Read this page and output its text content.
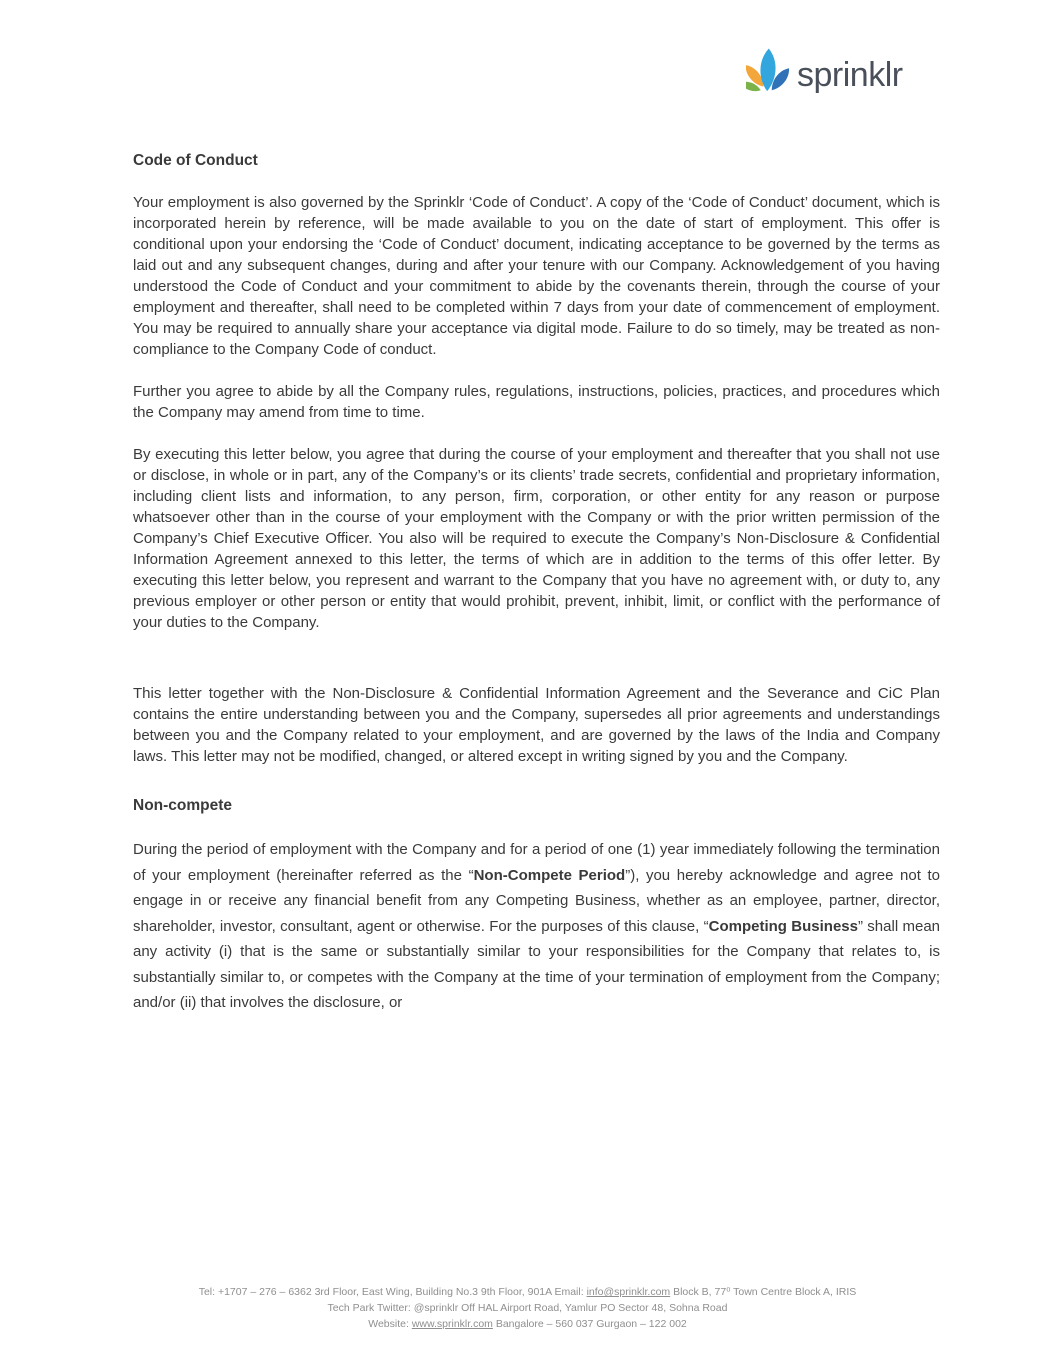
sprinklr
Code of Conduct

Your employment is also governed by the Sprinklr ‘Code of Conduct’. A copy of the ‘Code of Conduct’ document, which is incorporated herein by reference, will be made available to you on the date of start of employment. This offer is conditional upon your endorsing the ‘Code of Conduct’ document, indicating acceptance to be governed by the terms as laid out and any subsequent changes, during and after your tenure with our Company. Acknowledgement of you having understood the Code of Conduct and your commitment to abide by the covenants therein, through the course of your employment and thereafter, shall need to be completed within 7 days from your date of commencement of employment. You may be required to annually share your acceptance via digital mode. Failure to do so timely, may be treated as non-compliance to the Company Code of conduct.

Further you agree to abide by all the Company rules, regulations, instructions, policies, practices, and procedures which the Company may amend from time to time.

By executing this letter below, you agree that during the course of your employment and thereafter that you shall not use or disclose, in whole or in part, any of the Company’s or its clients’ trade secrets, confidential and proprietary information, including client lists and information, to any person, firm, corporation, or other entity for any reason or purpose whatsoever other than in the course of your employment with the Company or with the prior written permission of the Company’s Chief Executive Officer. You also will be required to execute the Company’s Non-Disclosure & Confidential Information Agreement annexed to this letter, the terms of which are in addition to the terms of this offer letter. By executing this letter below, you represent and warrant to the Company that you have no agreement with, or duty to, any previous employer or other person or entity that would prohibit, prevent, inhibit, limit, or conflict with the performance of your duties to the Company.

This letter together with the Non-Disclosure & Confidential Information Agreement and the Severance and CiC Plan contains the entire understanding between you and the Company, supersedes all prior agreements and understandings between you and the Company related to your employment, and are governed by the laws of the India and Company laws. This letter may not be modified, changed, or altered except in writing signed by you and the Company.

Non-compete

During the period of employment with the Company and for a period of one (1) year immediately following the termination of your employment (hereinafter referred as the “Non-Compete Period”), you hereby acknowledge and agree not to engage in or receive any financial benefit from any Competing Business, whether as an employee, partner, director, shareholder, investor, consultant, agent or otherwise. For the purposes of this clause, “Competing Business” shall mean any activity (i) that is the same or substantially similar to your responsibilities for the Company that relates to, is substantially similar to, or competes with the Company at the time of your termination of employment from the Company; and/or (ii) that involves the disclosure, or

Tel: +1707 – 276 – 6362 3rd Floor, East Wing, Building No.3 9th Floor, 901A Email: info@sprinklr.com Block B, 77⁰ Town Centre Block A, IRIS
Tech Park Twitter: @sprinklr Off HAL Airport Road, Yamlur PO Sector 48, Sohna Road
Website: www.sprinklr.com Bangalore – 560 037 Gurgaon – 122 002
